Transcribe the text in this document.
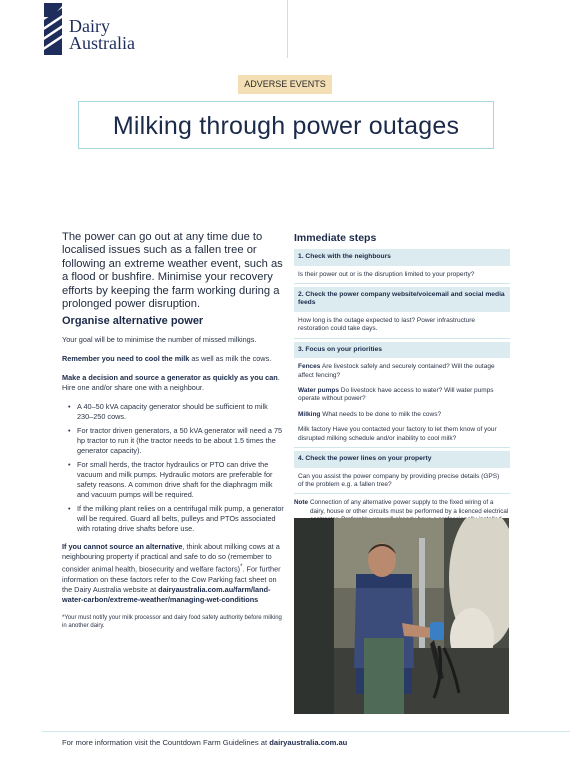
Dairy
Australia
ADVERSE EVENTS
Milking through power outages
The power can go out at any time due to localised issues such as a fallen tree or following an extreme weather event, such as a flood or bushfire. Minimise your recovery efforts by keeping the farm working during a prolonged power disruption.
Organise alternative power

Your goal will be to minimise the number of missed milkings.

Remember you need to cool the milk as well as milk the cows.

Make a decision and source a generator as quickly as you can. Hire one and/or share one with a neighbour.

• A 40–50 kVA capacity generator should be sufficient to milk 230–250 cows.
• For tractor driven generators, a 50 kVA generator will need a 75 hp tractor to run it (the tractor needs to be about 1.5 times the generator capacity).
• For small herds, the tractor hydraulics or PTO can drive the vacuum and milk pumps. Hydraulic motors are preferable for safety reasons. A common drive shaft for the diaphragm milk and vacuum pumps will be required.
• If the milking plant relies on a centrifugal milk pump, a generator will be required. Guard all belts, pulleys and PTOs associated with rotating drive shafts before use.

If you cannot source an alternative, think about milking cows at a neighbouring property if practical and safe to do so (remember to consider animal health, biosecurity and welfare factors)*. For further information on these factors refer to the Cow Parking fact sheet on the Dairy Australia website at dairyaustralia.com.au/farm/land-water-carbon/extreme-weather/managing-wet-conditions

*Your must notify your milk processor and dairy food safety authority before milking in another dairy.
Immediate steps
1. Check with the neighbours
Is their power out or is the disruption limited to your property?
2. Check the power company website/voicemail and social media feeds
How long is the outage expected to last? Power infrastructure restoration could take days.
3. Focus on your priorities
Fences Are livestock safely and securely contained? Will the outage affect fencing?
Water pumps Do livestock have access to water? Will water pumps operate without power?
Milking What needs to be done to milk the cows?
Milk factory Have you contacted your factory to let them know of your disrupted milking schedule and/or inability to cool milk?
4. Check the power lines on your property
Can you assist the power company by providing precise details (GPS) of the problem e.g. a fallen tree?
Note Connection of any alternative power supply to the fixed wiring of a dairy, house or other circuits must be performed by a licenced electrical
For more information visit the Countdown Farm Guidelines at dairyaustralia.com.au
